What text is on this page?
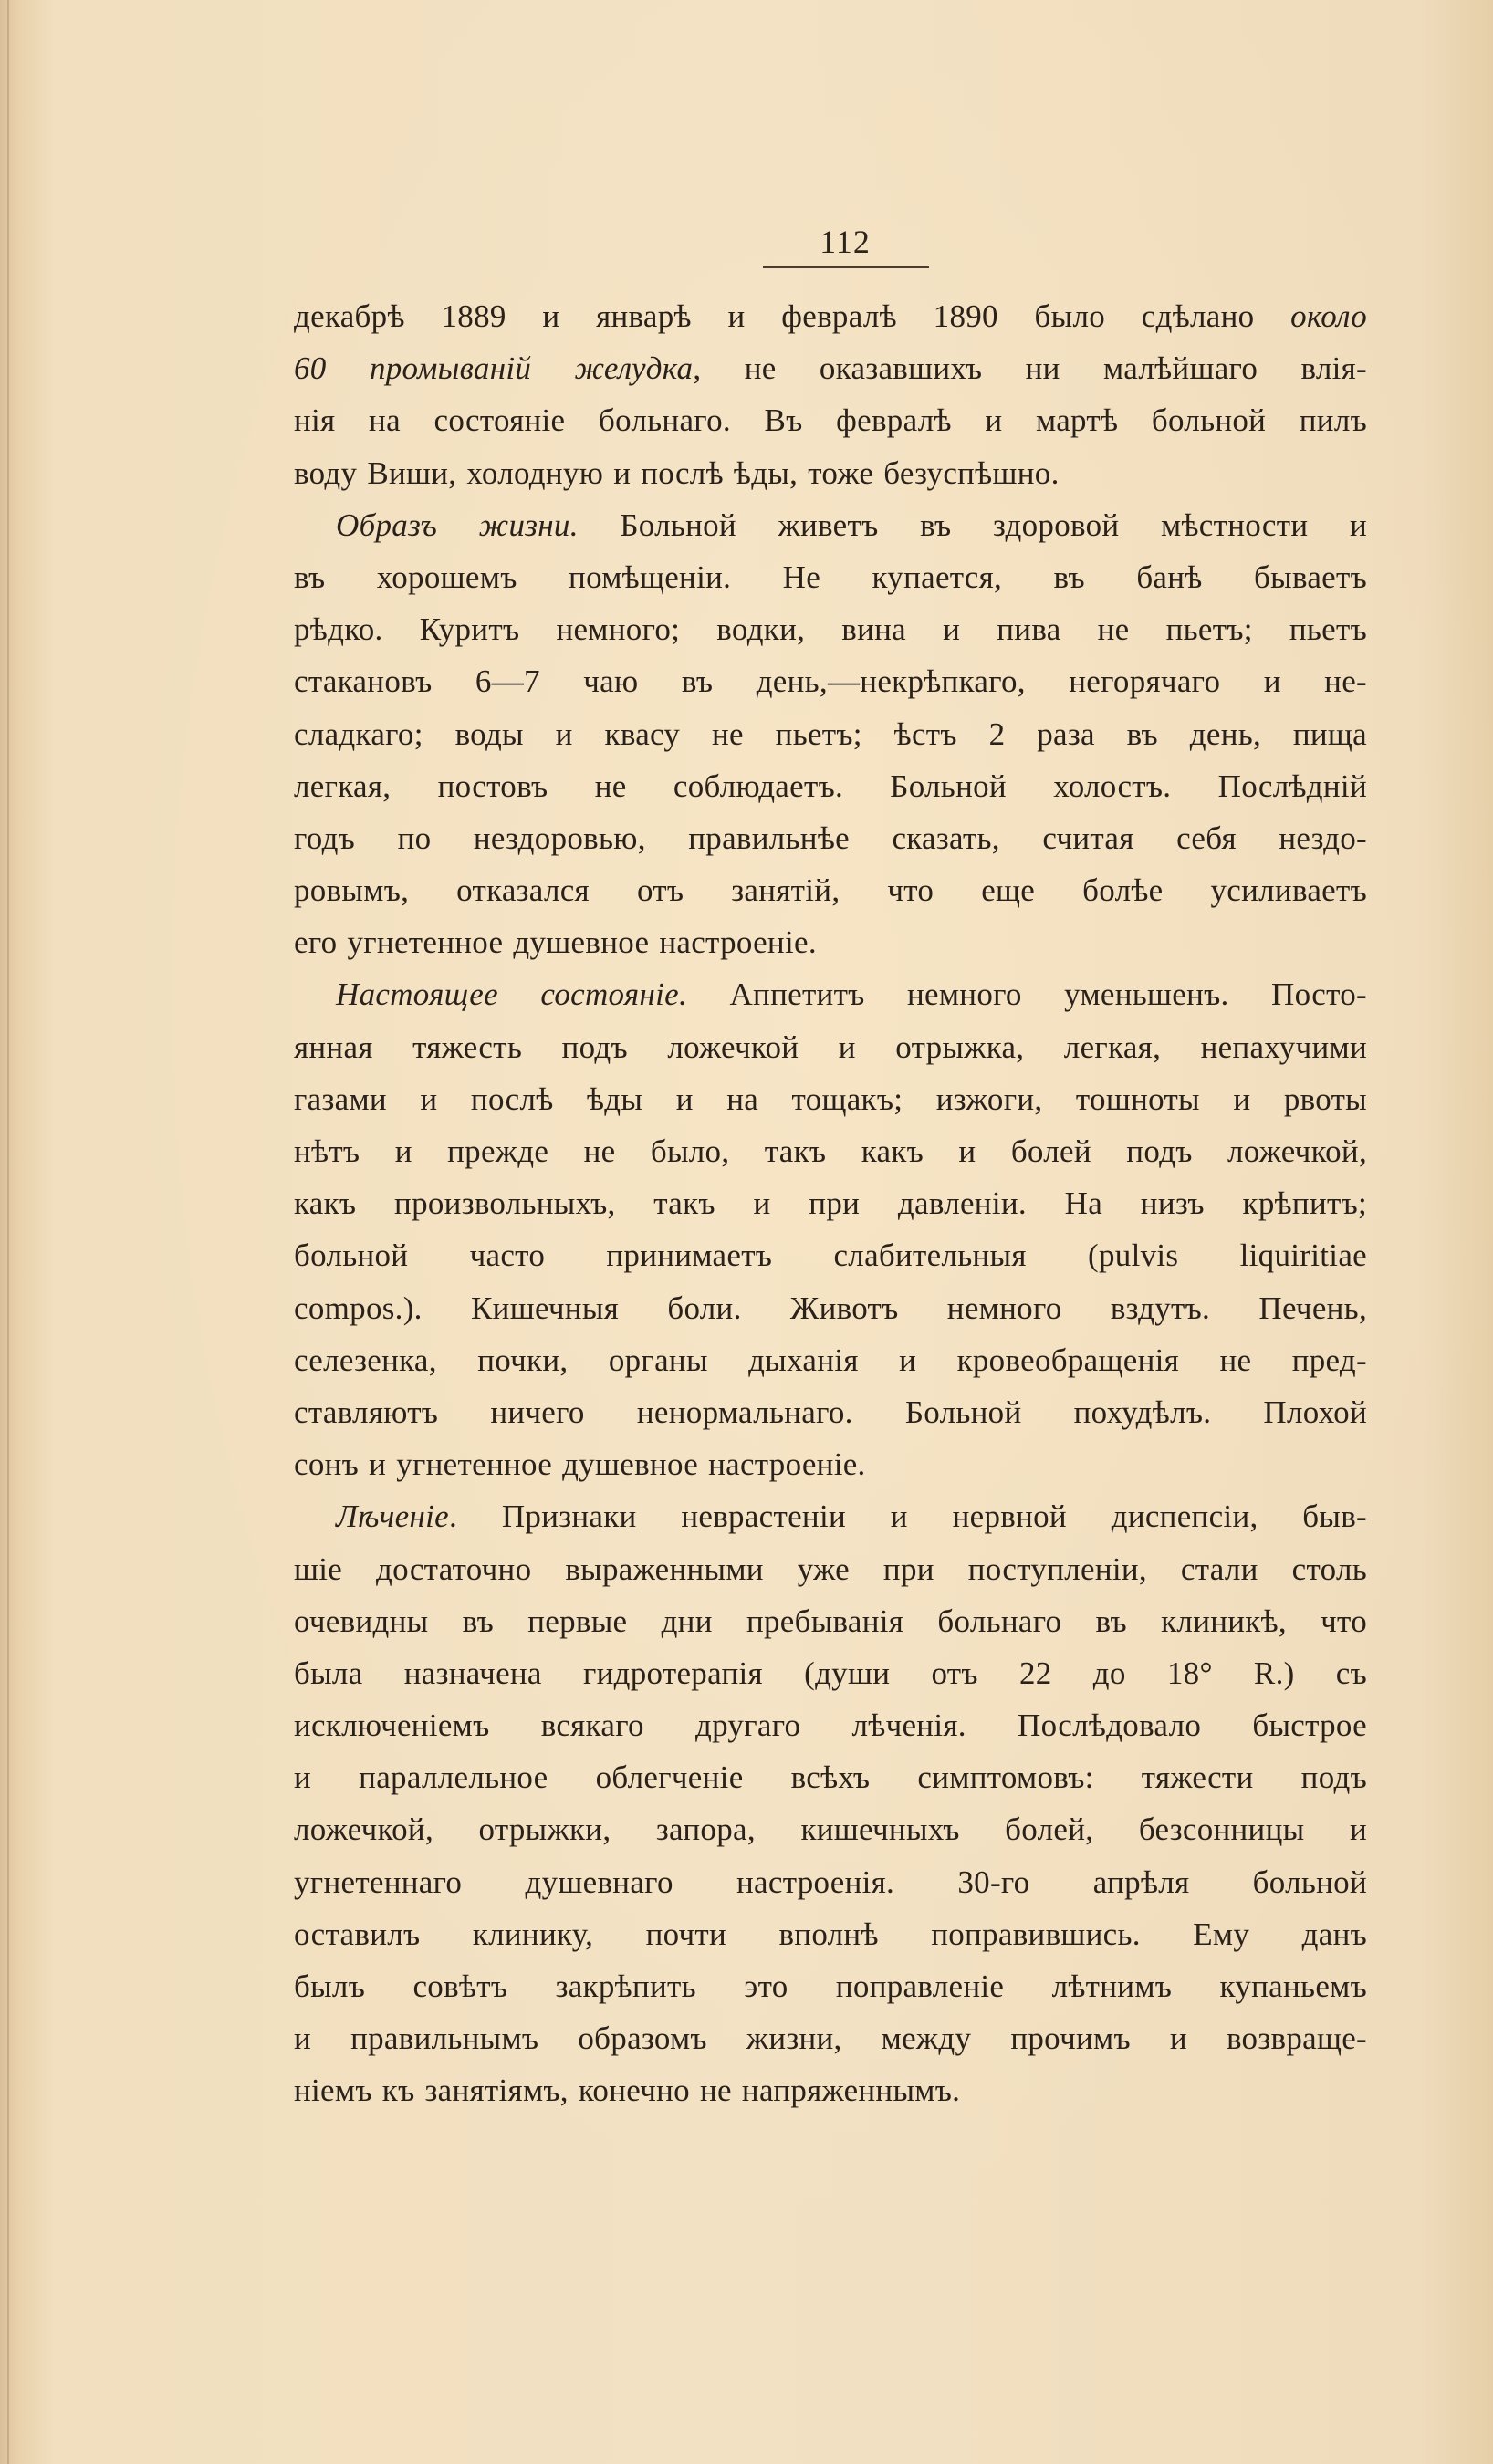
112
декабрѣ 1889 и январѣ и февралѣ 1890 было сдѣлано около
60 промываній желудка, не оказавшихъ ни малѣйшаго влія-
нія на состояніе больнаго. Въ февралѣ и мартѣ больной пилъ
воду Виши, холодную и послѣ ѣды, тоже безуспѣшно.
Образъ жизни. Больной живетъ въ здоровой мѣстности и
въ хорошемъ помѣщеніи. Не купается, въ банѣ бываетъ
рѣдко. Куритъ немного; водки, вина и пива не пьетъ; пьетъ
стакановъ 6—7 чаю въ день,—некрѣпкаго, негорячаго и не-
сладкаго; воды и квасу не пьетъ; ѣстъ 2 раза въ день, пища
легкая, постовъ не соблюдаетъ. Больной холостъ. Послѣдній
годъ по нездоровью, правильнѣе сказать, считая себя нездо-
ровымъ, отказался отъ занятій, что еще болѣе усиливаетъ
его угнетенное душевное настроеніе.
Настоящее состояніе. Аппетитъ немного уменьшенъ. Посто-
янная тяжесть подъ ложечкой и отрыжка, легкая, непахучими
газами и послѣ ѣды и на тощакъ; изжоги, тошноты и рвоты
нѣтъ и прежде не было, такъ какъ и болей подъ ложечкой,
какъ произвольныхъ, такъ и при давленіи. На низъ крѣпитъ;
больной часто принимаетъ слабительныя (pulvis liquiritiae
compos.). Кишечныя боли. Животъ немного вздутъ. Печень,
селезенка, почки, органы дыханія и кровеобращенія не пред-
ставляютъ ничего ненормальнаго. Больной похудѣлъ. Плохой
сонъ и угнетенное душевное настроеніе.
Лѣченіе. Признаки неврастеніи и нервной диспепсіи, быв-
шіе достаточно выраженными уже при поступленіи, стали столь
очевидны въ первые дни пребыванія больнаго въ клиникѣ, что
была назначена гидротерапія (души отъ 22 до 18° R.) съ
исключеніемъ всякаго другаго лѣченія. Послѣдовало быстрое
и параллельное облегченіе всѣхъ симптомовъ: тяжести подъ
ложечкой, отрыжки, запора, кишечныхъ болей, безсонницы и
угнетеннаго душевнаго настроенія. 30-го апрѣля больной
оставилъ клинику, почти вполнѣ поправившись. Ему данъ
былъ совѣтъ закрѣпить это поправленіе лѣтнимъ купаньемъ
и правильнымъ образомъ жизни, между прочимъ и возвраще-
ніемъ къ занятіямъ, конечно не напряженнымъ.
